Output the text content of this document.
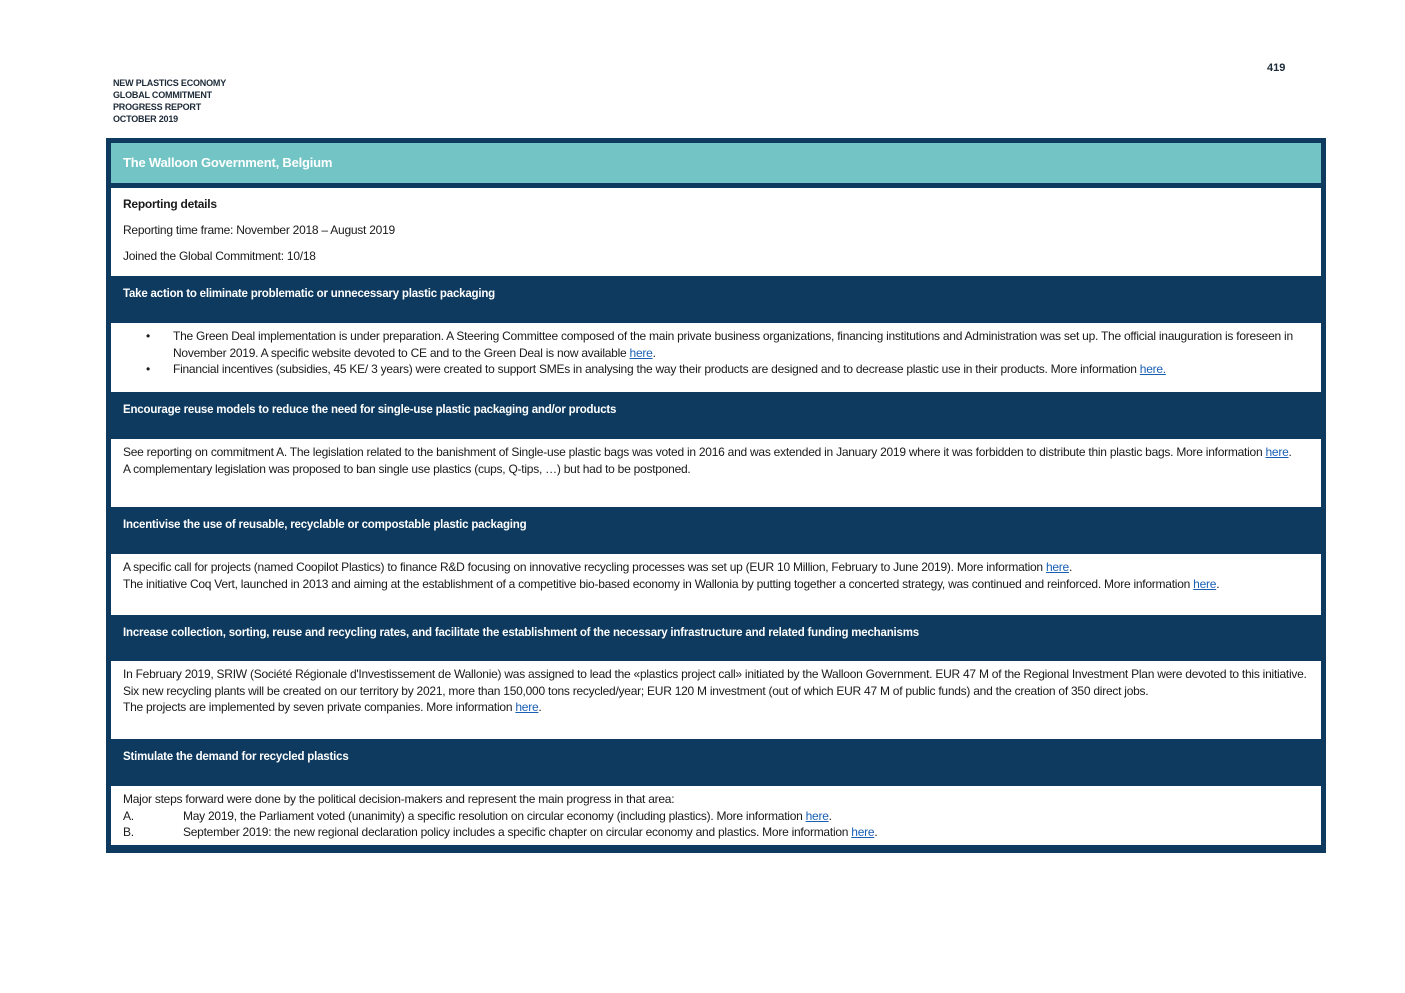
NEW PLASTICS ECONOMY
GLOBAL COMMITMENT
PROGRESS REPORT
OCTOBER 2019
419
The Walloon Government, Belgium

Reporting details

Reporting time frame: November 2018 – August 2019

Joined the Global Commitment: 10/18

Take action to eliminate problematic or unnecessary plastic packaging
• The Green Deal implementation is under preparation. A Steering Committee composed of the main private business organizations, financing institutions and Administration was set up. The official inauguration is foreseen in November 2019. A specific website devoted to CE and to the Green Deal is now available here.
• Financial incentives (subsidies, 45 KE/ 3 years) were created to support SMEs in analysing the way their products are designed and to decrease plastic use in their products. More information here.
Encourage reuse models to reduce the need for single-use plastic packaging and/or products

See reporting on commitment A. The legislation related to the banishment of Single-use plastic bags was voted in 2016 and was extended in January 2019 where it was forbidden to distribute thin plastic bags. More information here.

A complementary legislation was proposed to ban single use plastics (cups, Q-tips, …) but had to be postponed.

Incentivise the use of reusable, recyclable or compostable plastic packaging

A specific call for projects (named Coopilot Plastics) to finance R&D focusing on innovative recycling processes was set up (EUR 10 Million, February to June 2019). More information here.

The initiative Coq Vert, launched in 2013 and aiming at the establishment of a competitive bio-based economy in Wallonia by putting together a concerted strategy, was continued and reinforced. More information here.

Increase collection, sorting, reuse and recycling rates, and facilitate the establishment of the necessary infrastructure and related funding mechanisms

In February 2019, SRIW (Société Régionale d'Investissement de Wallonie) was assigned to lead the «plastics project call» initiated by the Walloon Government. EUR 47 M of the Regional Investment Plan were devoted to this initiative. Six new recycling plants will be created on our territory by 2021, more than 150,000 tons recycled/year; EUR 120 M investment (out of which EUR 47 M of public funds) and the creation of 350 direct jobs.

The projects are implemented by seven private companies. More information here.

Stimulate the demand for recycled plastics

Major steps forward were done by the political decision-makers and represent the main progress in that area:

A.	May 2019, the Parliament voted (unanimity) a specific resolution on circular economy (including plastics). More information here.
B.	September 2019: the new regional declaration policy includes a specific chapter on circular economy and plastics. More information here.
